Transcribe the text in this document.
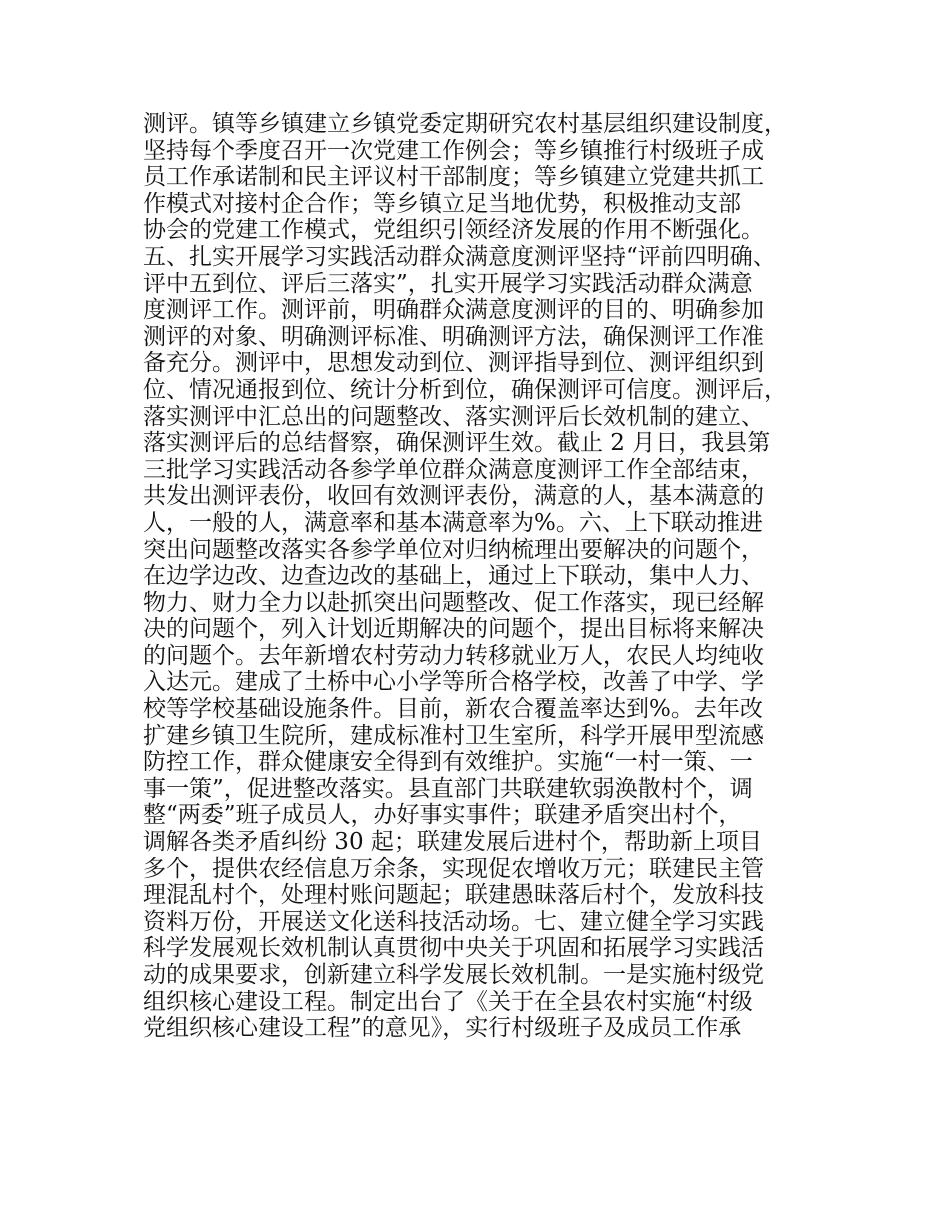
测评。镇等乡镇建立乡镇党委定期研究农村基层组织建设制度，
坚持每个季度召开一次党建工作例会；等乡镇推行村级班子成
员工作承诺制和民主评议村干部制度；等乡镇建立党建共抓工
作模式对接村企合作；等乡镇立足当地优势，积极推动支部
协会的党建工作模式，党组织引领经济发展的作用不断强化。
五、扎实开展学习实践活动群众满意度测评坚持“评前四明确、
评中五到位、评后三落实”，扎实开展学习实践活动群众满意
度测评工作。测评前，明确群众满意度测评的目的、明确参加
测评的对象、明确测评标准、明确测评方法，确保测评工作准
备充分。测评中，思想发动到位、测评指导到位、测评组织到
位、情况通报到位、统计分析到位，确保测评可信度。测评后，
落实测评中汇总出的问题整改、落实测评后长效机制的建立、
落实测评后的总结督察，确保测评生效。截止 2 月日，我县第
三批学习实践活动各参学单位群众满意度测评工作全部结束，
共发出测评表份，收回有效测评表份，满意的人，基本满意的
人，一般的人，满意率和基本满意率为%。六、上下联动推进
突出问题整改落实各参学单位对归纳梳理出要解决的问题个，
在边学边改、边查边改的基础上，通过上下联动，集中人力、
物力、财力全力以赴抓突出问题整改、促工作落实，现已经解
决的问题个，列入计划近期解决的问题个，提出目标将来解决
的问题个。去年新增农村劳动力转移就业万人，农民人均纯收
入达元。建成了土桥中心小学等所合格学校，改善了中学、学
校等学校基础设施条件。目前，新农合覆盖率达到%。去年改
扩建乡镇卫生院所，建成标准村卫生室所，科学开展甲型流感
防控工作，群众健康安全得到有效维护。实施“一村一策、一
事一策”，促进整改落实。县直部门共联建软弱涣散村个，调
整“两委”班子成员人，办好事实事件；联建矛盾突出村个，
调解各类矛盾纠纷 30 起；联建发展后进村个，帮助新上项目
多个，提供农经信息万余条，实现促农增收万元；联建民主管
理混乱村个，处理村账问题起；联建愚昧落后村个，发放科技
资料万份，开展送文化送科技活动场。七、建立健全学习实践
科学发展观长效机制认真贯彻中央关于巩固和拓展学习实践活
动的成果要求，创新建立科学发展长效机制。一是实施村级党
组织核心建设工程。制定出台了《关于在全县农村实施“村级
党组织核心建设工程”的意见》，实行村级班子及成员工作承
